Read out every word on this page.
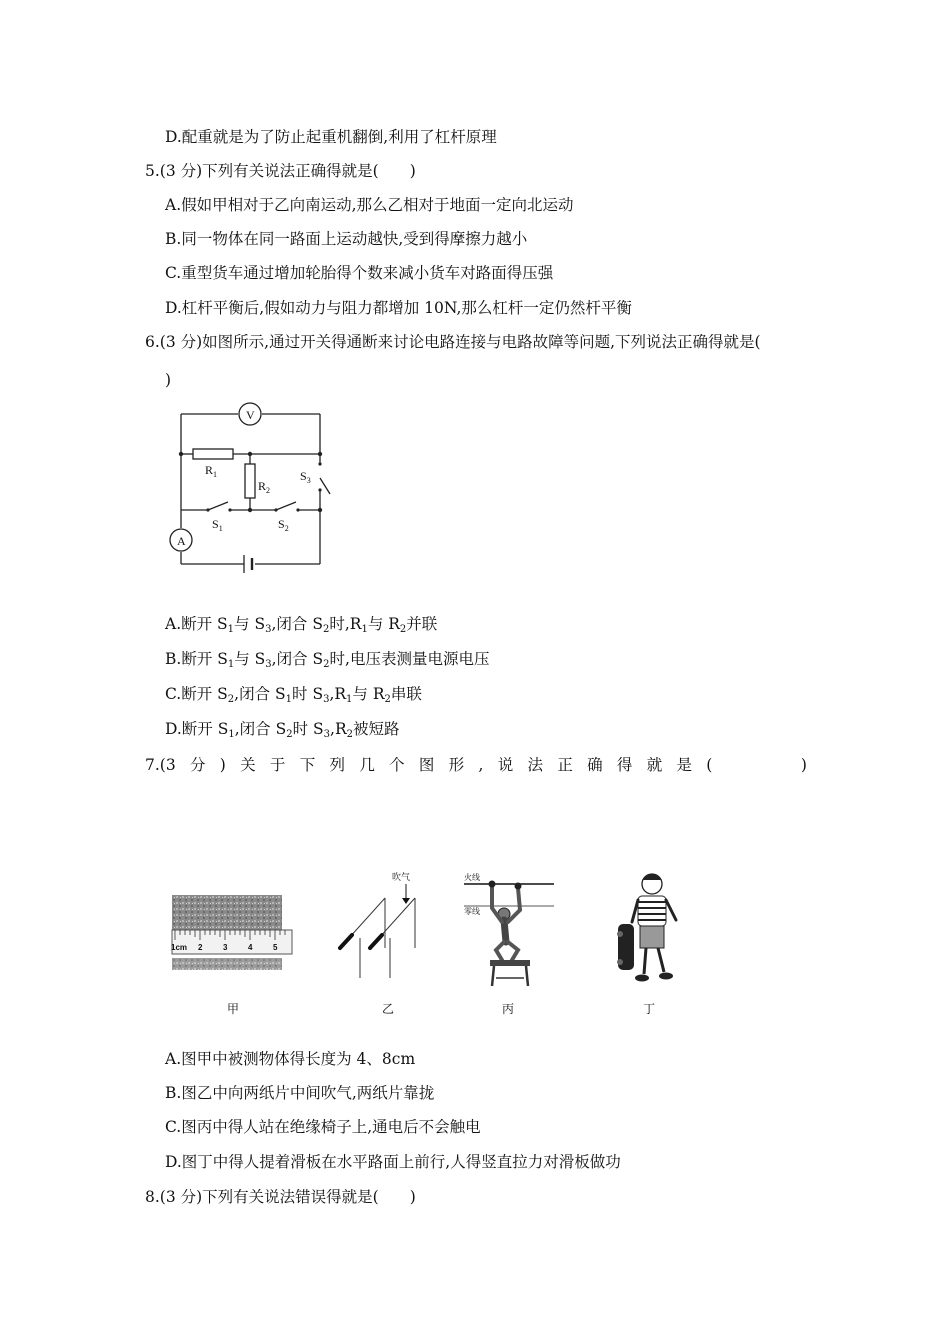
D.配重就是为了防止起重机翻倒,利用了杠杆原理
5.(3 分)下列有关说法正确得就是(　　)
A.假如甲相对于乙向南运动,那么乙相对于地面一定向北运动
B.同一物体在同一路面上运动越快,受到得摩擦力越小
C.重型货车通过增加轮胎得个数来减小货车对路面得压强
D.杠杆平衡后,假如动力与阻力都增加 10N,那么杠杆一定仍然杆平衡
6.(3 分)如图所示,通过开关得通断来讨论电路连接与电路故障等问题,下列说法正确得就是(
)
V
A
$R_1$
$R_2$
$S_3$
$S_1$	$S_2$
A.断开 $S_1$与 $S_3$,闭合 $S_2$时$,R_1$与 $R_2$并联
B.断开 $S_1$与 $S_3$,闭合 $S_2$时,电压表测量电源电压
C.断开 $S_2$,闭合 $S_1$时 $S_3,R_1$与 $R_2$串联
D.断开 $S_1$,闭合 $S_2$时 $S_3,R_2$被短路
7.(3 分 ) 关 于 下 列 几 个 图 形 , 说 法 正 确 得 就 是 (	)
1cm 2	3	4	5
吹气	火线
零线
甲	乙	丙	丁
A.图甲中被测物体得长度为 4、8cm
B.图乙中向两纸片中间吹气,两纸片靠拢
C.图丙中得人站在绝缘椅子上,通电后不会触电
D.图丁中得人提着滑板在水平路面上前行,人得竖直拉力对滑板做功
8.(3 分)下列有关说法错误得就是(　　)
